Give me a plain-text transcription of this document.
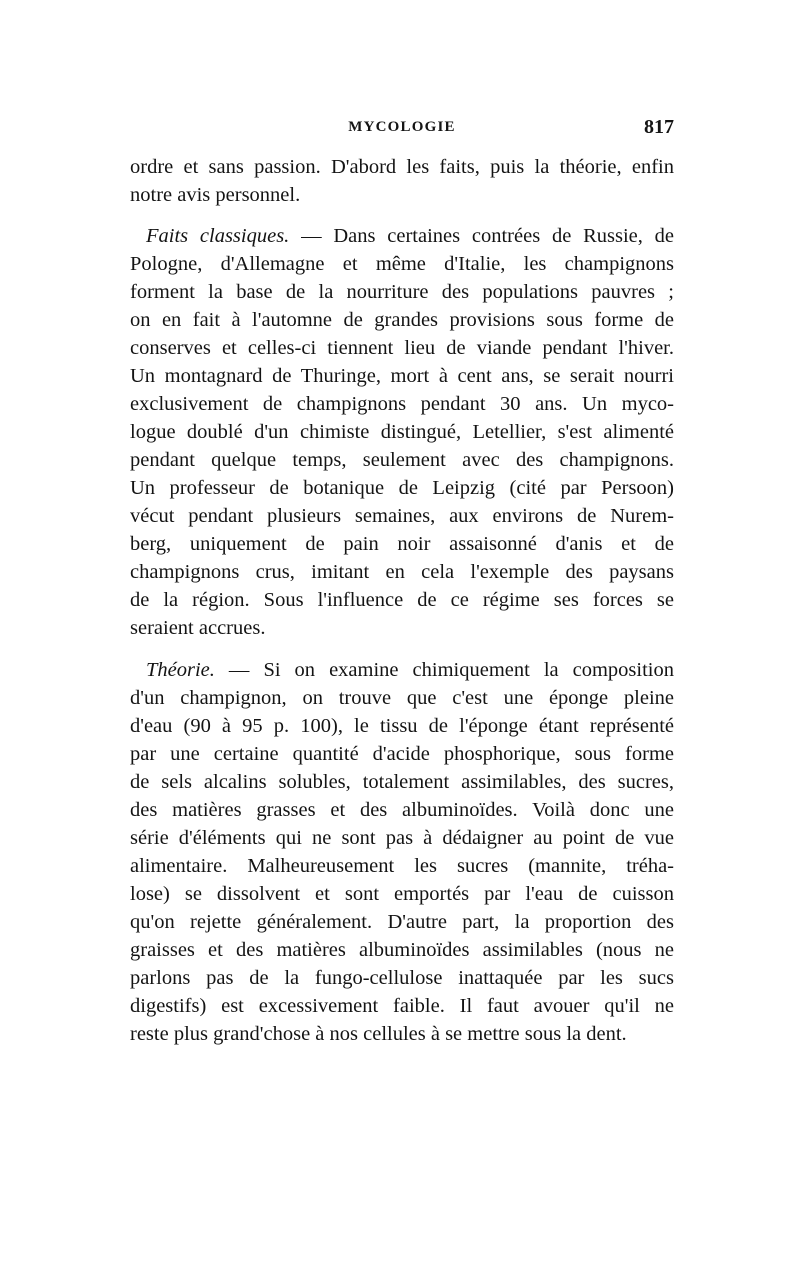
MYCOLOGIE	817
ordre et sans passion. D'abord les faits, puis la théorie, enfin
notre avis personnel.
Faits classiques. — Dans certaines contrées de Russie, de
Pologne, d'Allemagne et même d'Italie, les champignons
forment la base de la nourriture des populations pauvres ;
on en fait à l'automne de grandes provisions sous forme de
conserves et celles-ci tiennent lieu de viande pendant l'hiver.
Un montagnard de Thuringe, mort à cent ans, se serait nourri
exclusivement de champignons pendant 30 ans. Un myco-
logue doublé d'un chimiste distingué, Letellier, s'est alimenté
pendant quelque temps, seulement avec des champignons.
Un professeur de botanique de Leipzig (cité par Persoon)
vécut pendant plusieurs semaines, aux environs de Nurem-
berg, uniquement de pain noir assaisonné d'anis et de
champignons crus, imitant en cela l'exemple des paysans
de la région. Sous l'influence de ce régime ses forces se
seraient accrues.
Théorie. — Si on examine chimiquement la composition
d'un champignon, on trouve que c'est une éponge pleine
d'eau (90 à 95 p. 100), le tissu de l'éponge étant représenté
par une certaine quantité d'acide phosphorique, sous forme
de sels alcalins solubles, totalement assimilables, des sucres,
des matières grasses et des albuminoïdes. Voilà donc une
série d'éléments qui ne sont pas à dédaigner au point de vue
alimentaire. Malheureusement les sucres (mannite, tréha-
lose) se dissolvent et sont emportés par l'eau de cuisson
qu'on rejette généralement. D'autre part, la proportion des
graisses et des matières albuminoïdes assimilables (nous ne
parlons pas de la fungo-cellulose inattaquée par les sucs
digestifs) est excessivement faible. Il faut avouer qu'il ne
reste plus grand'chose à nos cellules à se mettre sous la dent.
